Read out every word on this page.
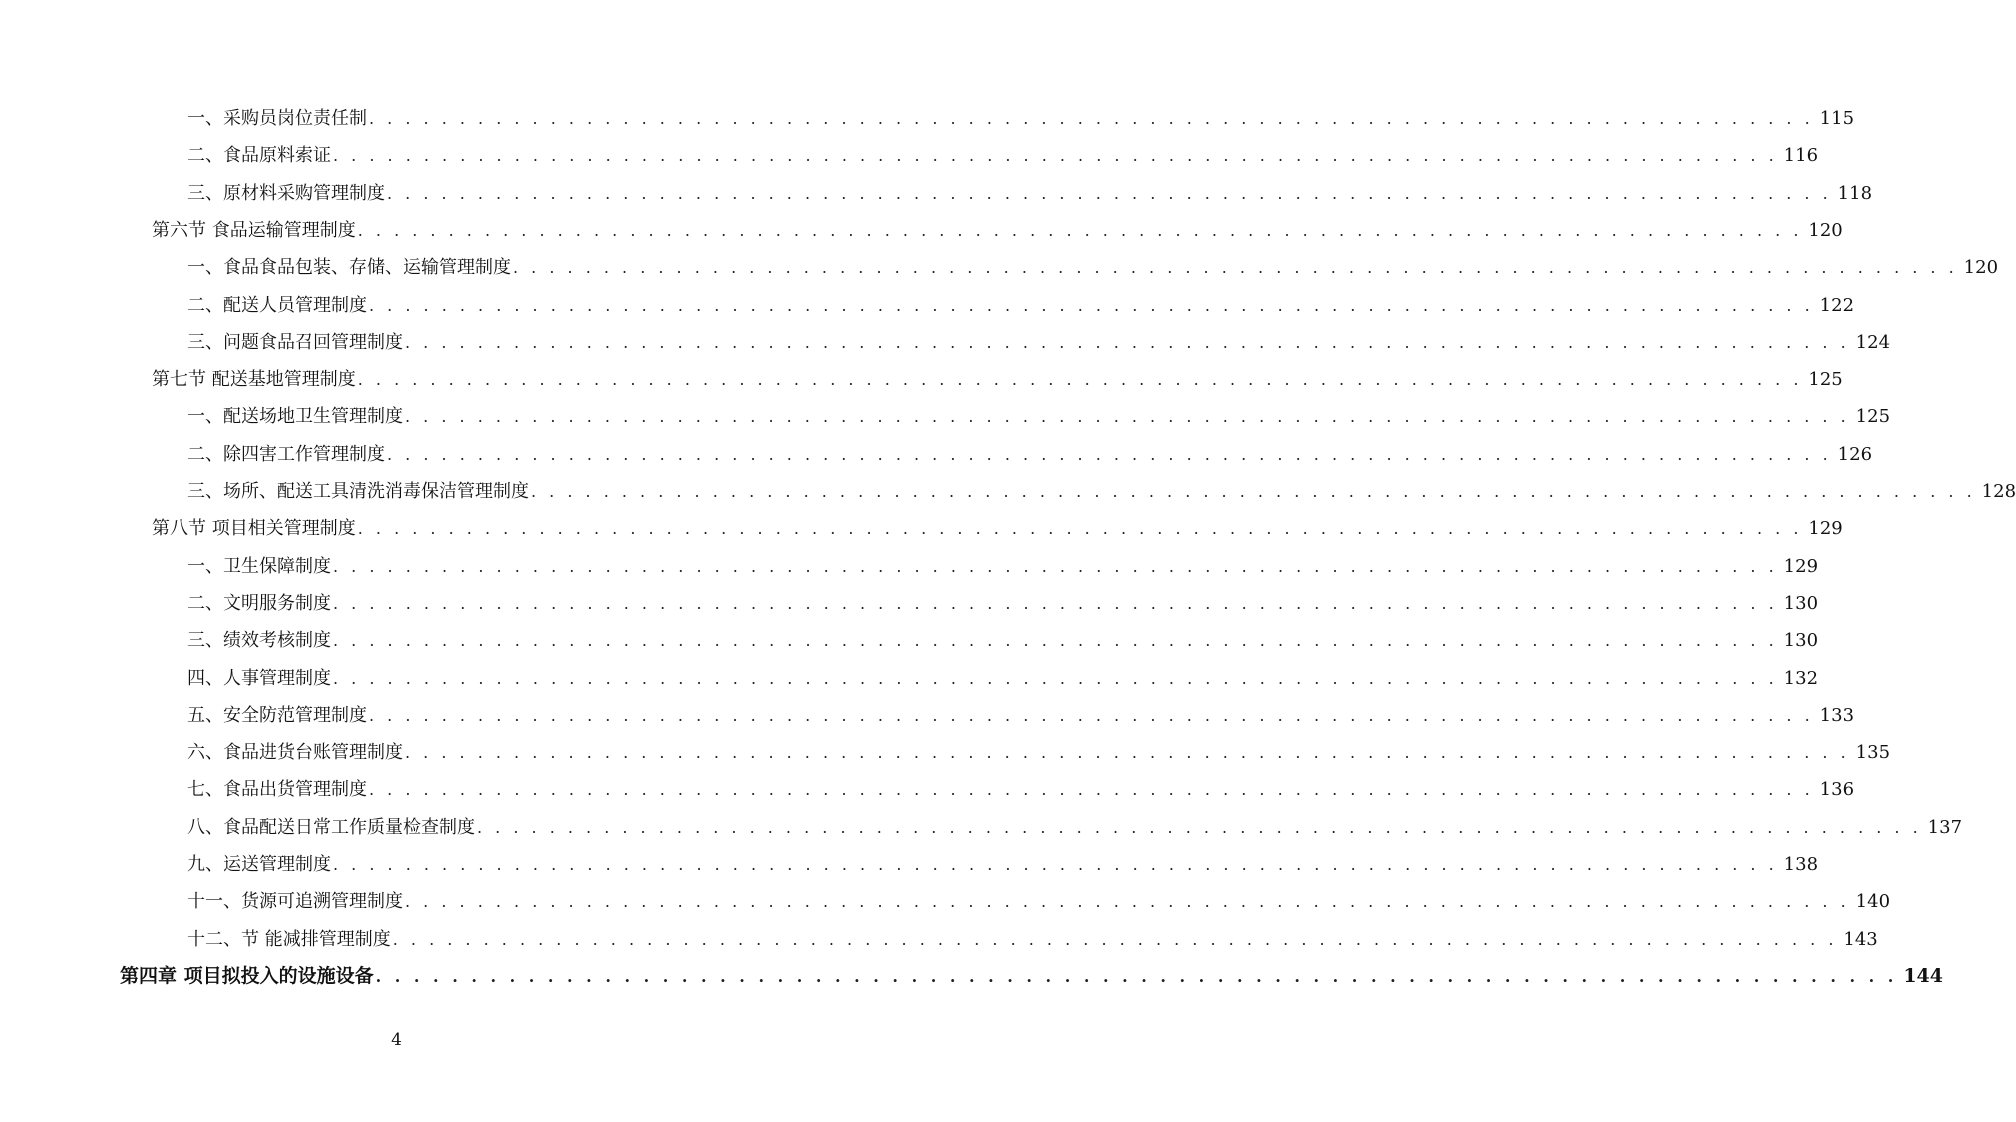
一、采购员岗位责任制 . . . . . . . . . . . . . . . . . . . . . . . . . . . . . . . . . . . . . . . . . . . . . . . . . . . . . . . . . . . . . . . . . . . . . . . . . . . . . . . . 115
二、食品原料索证 . . . . . . . . . . . . . . . . . . . . . . . . . . . . . . . . . . . . . . . . . . . . . . . . . . . . . . . . . . . . . . . . . . . . . . . . . . . . . . . . 116
三、原材料采购管理制度 . . . . . . . . . . . . . . . . . . . . . . . . . . . . . . . . . . . . . . . . . . . . . . . . . . . . . . . . . . . . . . . . . . . . . . . . . . . . . . . . 118
第六节 食品运输管理制度 . . . . . . . . . . . . . . . . . . . . . . . . . . . . . . . . . . . . . . . . . . . . . . . . . . . . . . . . . . . . . . . . . . . . . . . . . . . . . . . . 120
一、食品食品包装、存储、运输管理制度 . . . . . . . . . . . . . . . . . . . . . . . . . . . . . . . . . . . . . . . . . . . . . . . . . . . . . . . . . . . . . . . . . . . . . . . . . . . . . . . . 120
二、配送人员管理制度 . . . . . . . . . . . . . . . . . . . . . . . . . . . . . . . . . . . . . . . . . . . . . . . . . . . . . . . . . . . . . . . . . . . . . . . . . . . . . . . . 122
三、问题食品召回管理制度 . . . . . . . . . . . . . . . . . . . . . . . . . . . . . . . . . . . . . . . . . . . . . . . . . . . . . . . . . . . . . . . . . . . . . . . . . . . . . . . . 124
第七节 配送基地管理制度 . . . . . . . . . . . . . . . . . . . . . . . . . . . . . . . . . . . . . . . . . . . . . . . . . . . . . . . . . . . . . . . . . . . . . . . . . . . . . . . . 125
一、配送场地卫生管理制度 . . . . . . . . . . . . . . . . . . . . . . . . . . . . . . . . . . . . . . . . . . . . . . . . . . . . . . . . . . . . . . . . . . . . . . . . . . . . . . . . 125
二、除四害工作管理制度 . . . . . . . . . . . . . . . . . . . . . . . . . . . . . . . . . . . . . . . . . . . . . . . . . . . . . . . . . . . . . . . . . . . . . . . . . . . . . . . . 126
三、场所、配送工具清洗消毒保洁管理制度 . . . . . . . . . . . . . . . . . . . . . . . . . . . . . . . . . . . . . . . . . . . . . . . . . . . . . . . . . . . . . . . . . . . . . . . . . . . . . . . . 128
第八节 项目相关管理制度 . . . . . . . . . . . . . . . . . . . . . . . . . . . . . . . . . . . . . . . . . . . . . . . . . . . . . . . . . . . . . . . . . . . . . . . . . . . . . . . . 129
一、卫生保障制度 . . . . . . . . . . . . . . . . . . . . . . . . . . . . . . . . . . . . . . . . . . . . . . . . . . . . . . . . . . . . . . . . . . . . . . . . . . . . . . . . 129
二、文明服务制度 . . . . . . . . . . . . . . . . . . . . . . . . . . . . . . . . . . . . . . . . . . . . . . . . . . . . . . . . . . . . . . . . . . . . . . . . . . . . . . . . 130
三、绩效考核制度 . . . . . . . . . . . . . . . . . . . . . . . . . . . . . . . . . . . . . . . . . . . . . . . . . . . . . . . . . . . . . . . . . . . . . . . . . . . . . . . . 130
四、人事管理制度 . . . . . . . . . . . . . . . . . . . . . . . . . . . . . . . . . . . . . . . . . . . . . . . . . . . . . . . . . . . . . . . . . . . . . . . . . . . . . . . . 132
五、安全防范管理制度 . . . . . . . . . . . . . . . . . . . . . . . . . . . . . . . . . . . . . . . . . . . . . . . . . . . . . . . . . . . . . . . . . . . . . . . . . . . . . . . . 133
六、食品进货台账管理制度 . . . . . . . . . . . . . . . . . . . . . . . . . . . . . . . . . . . . . . . . . . . . . . . . . . . . . . . . . . . . . . . . . . . . . . . . . . . . . . . . 135
七、食品出货管理制度 . . . . . . . . . . . . . . . . . . . . . . . . . . . . . . . . . . . . . . . . . . . . . . . . . . . . . . . . . . . . . . . . . . . . . . . . . . . . . . . . 136
八、食品配送日常工作质量检查制度 . . . . . . . . . . . . . . . . . . . . . . . . . . . . . . . . . . . . . . . . . . . . . . . . . . . . . . . . . . . . . . . . . . . . . . . . . . . . . . . . 137
九、运送管理制度 . . . . . . . . . . . . . . . . . . . . . . . . . . . . . . . . . . . . . . . . . . . . . . . . . . . . . . . . . . . . . . . . . . . . . . . . . . . . . . . . 138
十一、货源可追溯管理制度 . . . . . . . . . . . . . . . . . . . . . . . . . . . . . . . . . . . . . . . . . . . . . . . . . . . . . . . . . . . . . . . . . . . . . . . . . . . . . . . . 140
十二、节 能减排管理制度 . . . . . . . . . . . . . . . . . . . . . . . . . . . . . . . . . . . . . . . . . . . . . . . . . . . . . . . . . . . . . . . . . . . . . . . . . . . . . . . . 143
第四章 项目拟投入的设施设备 . . . . . . . . . . . . . . . . . . . . . . . . . . . . . . . . . . . . . . . . . . . . . . . . . . . . . . . . . . . . . . . . . . . . . . . . . . . . . . . . 144
4
